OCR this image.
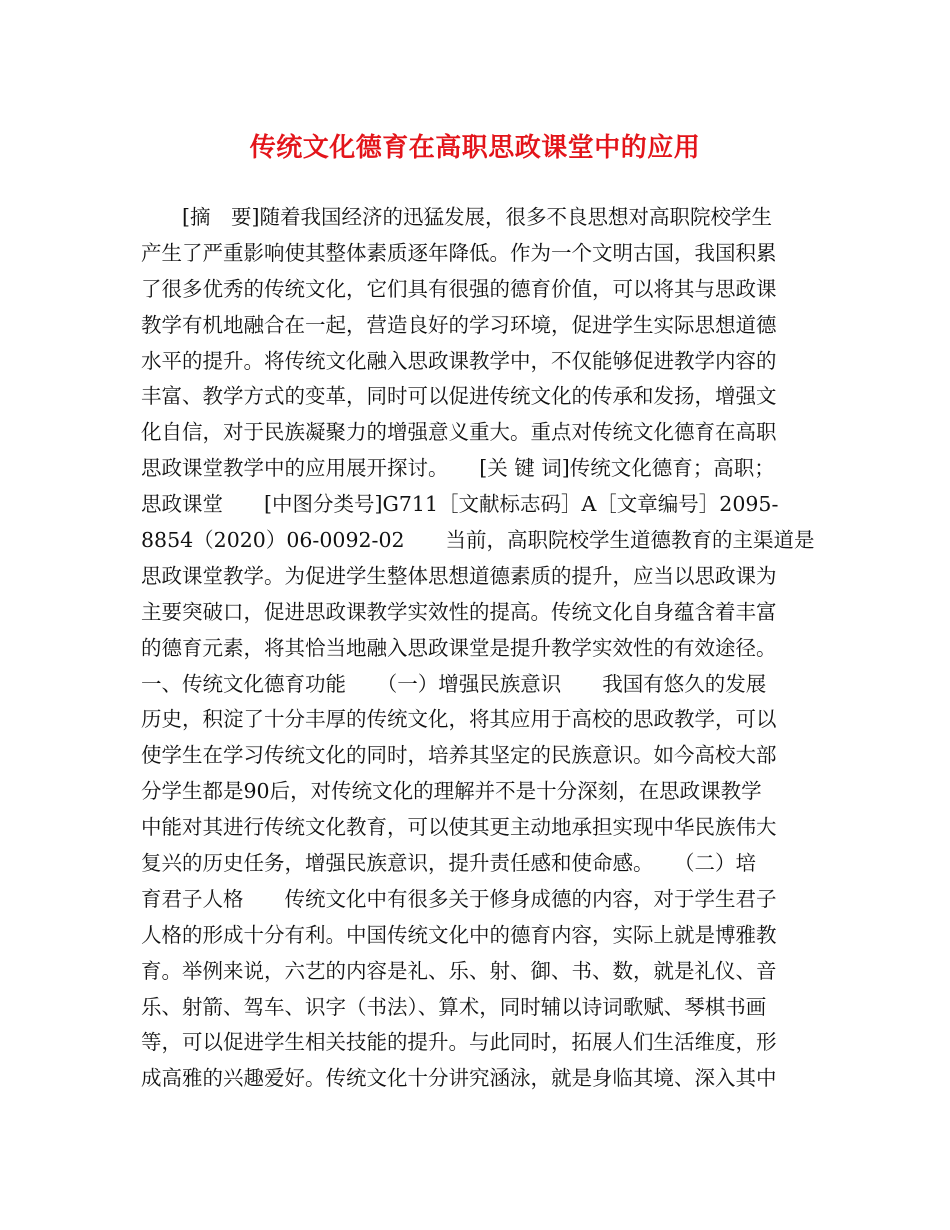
传统文化德育在高职思政课堂中的应用
　　[摘　要]随着我国经济的迅猛发展，很多不良思想对高职院校学生
产生了严重影响使其整体素质逐年降低。作为一个文明古国，我国积累
了很多优秀的传统文化，它们具有很强的德育价值，可以将其与思政课
教学有机地融合在一起，营造良好的学习环境，促进学生实际思想道德
水平的提升。将传统文化融入思政课教学中，不仅能够促进教学内容的
丰富、教学方式的变革，同时可以促进传统文化的传承和发扬，增强文
化自信，对于民族凝聚力的增强意义重大。重点对传统文化德育在高职
思政课堂教学中的应用展开探讨。　　[关 键 词]传统文化德育；高职；
思政课堂　　[中图分类号]G711［文献标志码］A［文章编号］2095-
8854（2020）06-0092-02　　当前，高职院校学生道德教育的主渠道是
思政课堂教学。为促进学生整体思想道德素质的提升，应当以思政课为
主要突破口，促进思政课教学实效性的提高。传统文化自身蕴含着丰富
的德育元素，将其恰当地融入思政课堂是提升教学实效性的有效途径。
一、传统文化德育功能　　（一）增强民族意识　　我国有悠久的发展
历史，积淀了十分丰厚的传统文化，将其应用于高校的思政教学，可以
使学生在学习传统文化的同时，培养其坚定的民族意识。如今高校大部
分学生都是90后，对传统文化的理解并不是十分深刻，在思政课教学
中能对其进行传统文化教育，可以使其更主动地承担实现中华民族伟大
复兴的历史任务，增强民族意识，提升责任感和使命感。　　（二）培
育君子人格　　传统文化中有很多关于修身成德的内容，对于学生君子
人格的形成十分有利。中国传统文化中的德育内容，实际上就是博雅教
育。举例来说，六艺的内容是礼、乐、射、御、书、数，就是礼仪、音
乐、射箭、驾车、识字（书法）、算术，同时辅以诗词歌赋、琴棋书画
等，可以促进学生相关技能的提升。与此同时，拓展人们生活维度，形
成高雅的兴趣爱好。传统文化十分讲究涵泳，就是身临其境、深入其中
